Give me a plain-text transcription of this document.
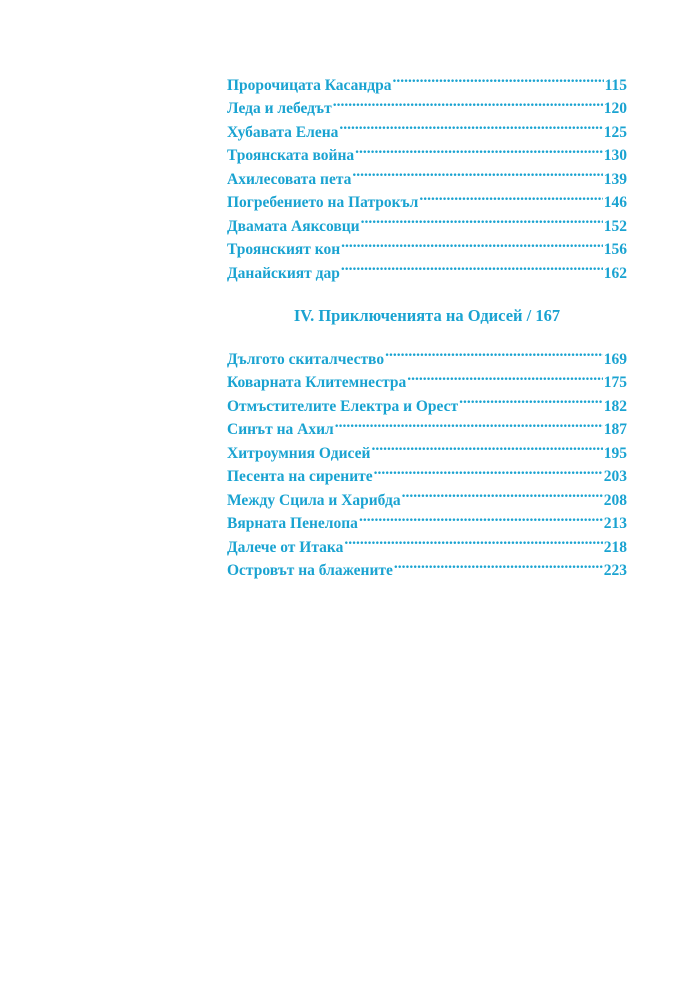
Пророчицата Касандра .....	115
Леда и лебедът .....	120
Хубавата Елена .....	125
Троянската война .....	130
Ахилесовата пета .....	139
Погребението на Патрокъл .....	146
Двамата Аяксовци .....	152
Троянският кон .....	156
Данайският дар .....	162
IV. Приключенията на Одисей / 167
Дългото скиталчество .....	169
Коварната Клитемнестра .....	175
Отмъстителите Електра и Орест .....	182
Синът на Ахил .....	187
Хитроумния Одисей .....	195
Песента на сирените .....	203
Между Сцила и Харибда .....	208
Вярната Пенелопа .....	213
Далече от Итака .....	218
Островът на блажените .....	223
